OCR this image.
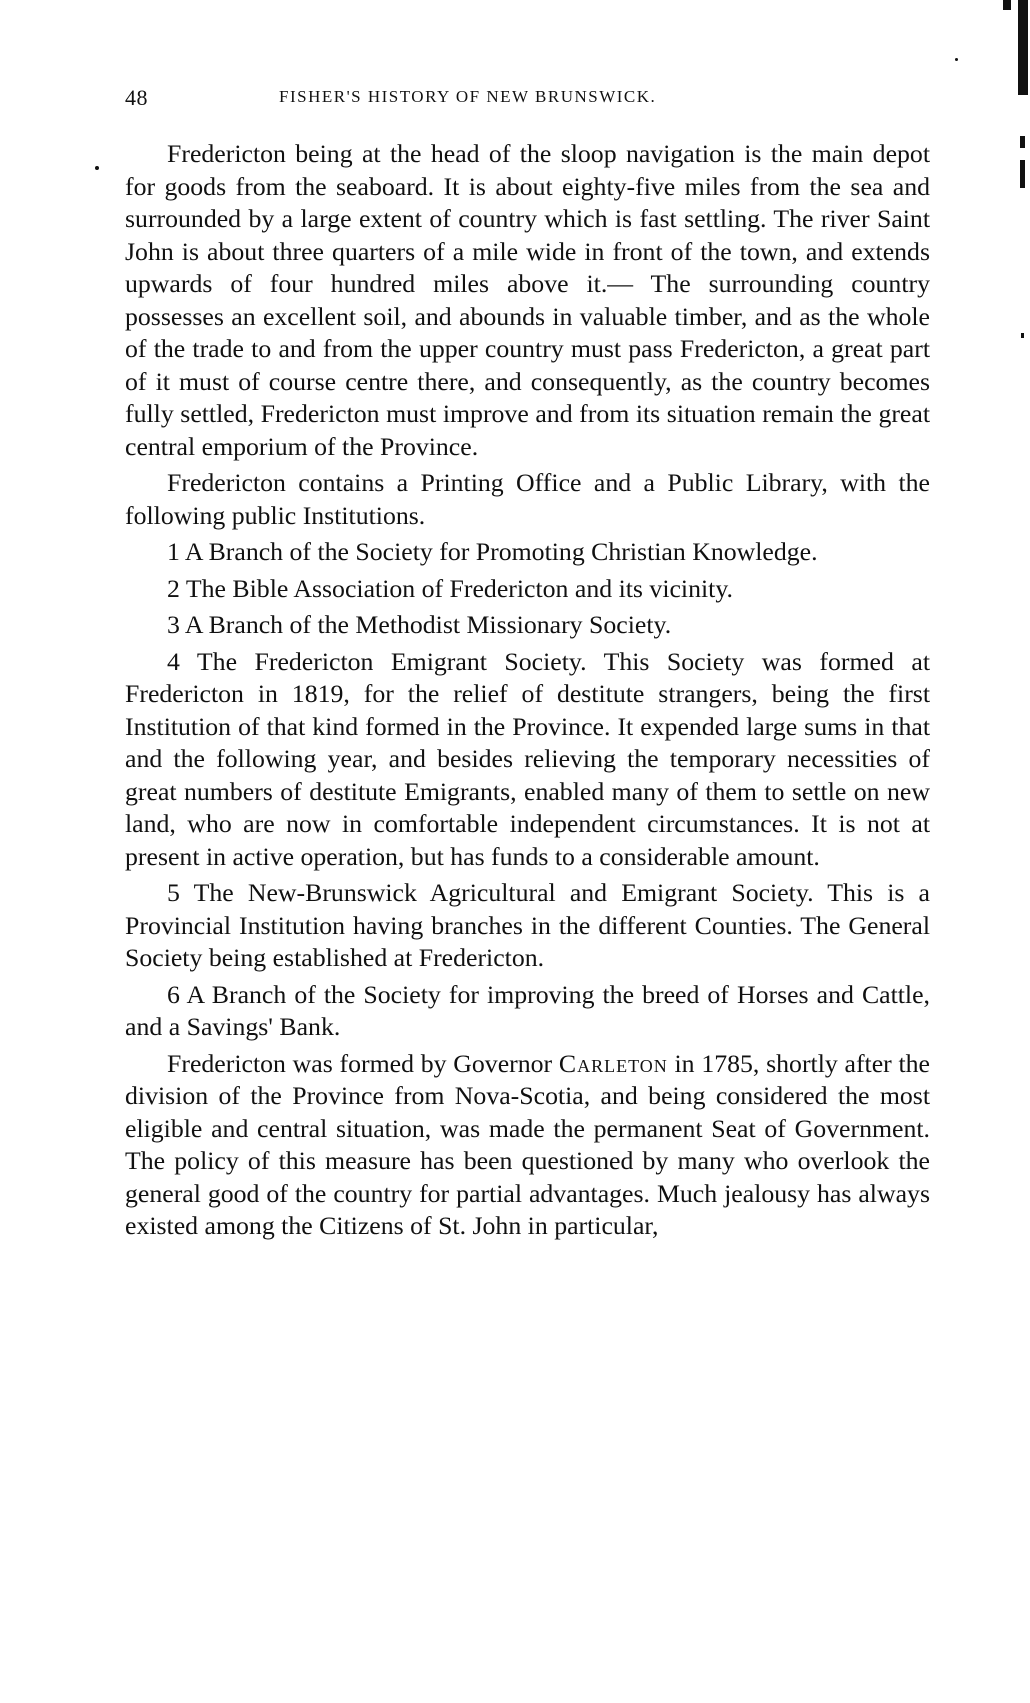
48	FISHER'S HISTORY OF NEW BRUNSWICK.

Fredericton being at the head of the sloop navigation is the main depot for goods from the seaboard. It is about eighty-five miles from the sea and surrounded by a large extent of country which is fast settling. The river Saint John is about three quarters of a mile wide in front of the town, and extends upwards of four hundred miles above it.— The surrounding country possesses an excellent soil, and abounds in valuable timber, and as the whole of the trade to and from the upper country must pass Fredericton, a great part of it must of course centre there, and consequently, as the country becomes fully settled, Fredericton must improve and from its situation remain the great central emporium of the Province.

Fredericton contains a Printing Office and a Public Library, with the following public Institutions.

1 A Branch of the Society for Promoting Christian Knowledge.

2 The Bible Association of Fredericton and its vicinity.

3 A Branch of the Methodist Missionary Society.

4 The Fredericton Emigrant Society. This Society was formed at Fredericton in 1819, for the relief of destitute strangers, being the first Institution of that kind formed in the Province. It expended large sums in that and the following year, and besides relieving the temporary necessities of great numbers of destitute Emigrants, enabled many of them to settle on new land, who are now in comfortable independent circumstances. It is not at present in active operation, but has funds to a considerable amount.

5 The New-Brunswick Agricultural and Emigrant Society. This is a Provincial Institution having branches in the different Counties. The General Society being established at Fredericton.

6 A Branch of the Society for improving the breed of Horses and Cattle, and a Savings' Bank.

Fredericton was formed by Governor Carleton in 1785, shortly after the division of the Province from Nova-Scotia, and being considered the most eligible and central situation, was made the permanent Seat of Government. The policy of this measure has been questioned by many who overlook the general good of the country for partial advantages. Much jealousy has always existed among the Citizens of St. John in particular,
